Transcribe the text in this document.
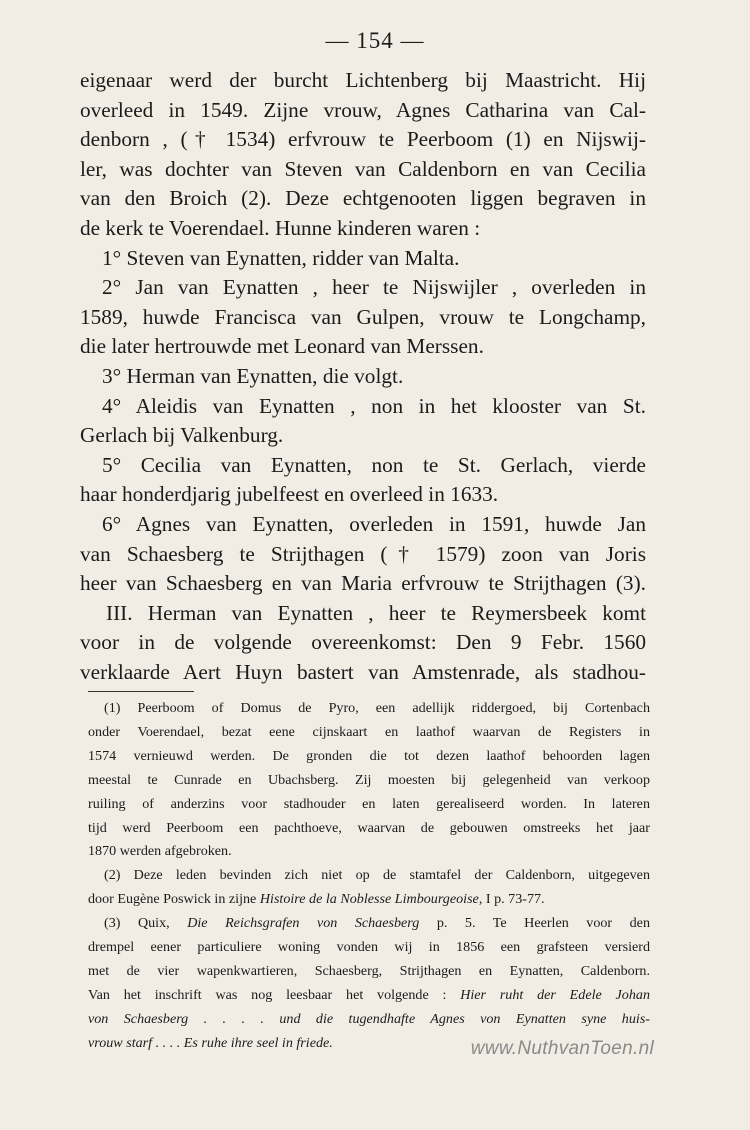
— 154 —

eigenaar werd der burcht Lichtenberg bij Maastricht. Hij

overleed in 1549. Zijne vrouw, Agnes Catharina van Cal-

denborn , († 1534) erfvrouw te Peerboom (1) en Nijswij-

ler, was dochter van Steven van Caldenborn en van Cecilia

van den Broich (2). Deze echtgenooten liggen begraven in

de kerk te Voerendael. Hunne kinderen waren :

1° Steven van Eynatten, ridder van Malta.

2° Jan van Eynatten , heer te Nijswijler , overleden in

1589, huwde Francisca van Gulpen, vrouw te Longchamp,

die later hertrouwde met Leonard van Merssen.

3° Herman van Eynatten, die volgt.

4° Aleidis van Eynatten , non in het klooster van St.

Gerlach bij Valkenburg.

5° Cecilia van Eynatten, non te St. Gerlach, vierde

haar honderdjarig jubelfeest en overleed in 1633.

6° Agnes van Eynatten, overleden in 1591, huwde Jan

van Schaesberg te Strijthagen († 1579) zoon van Joris

heer van Schaesberg en van Maria erfvrouw te Strijthagen (3).

III. Herman van Eynatten , heer te Reymersbeek komt

voor in de volgende overeenkomst: Den 9 Febr. 1560

verklaarde Aert Huyn bastert van Amstenrade, als stadhou-

(1) Peerboom of Domus de Pyro, een adellijk riddergoed, bij Cortenbach

onder Voerendael, bezat eene cijnskaart en laathof waarvan de Registers in

1574 vernieuwd werden. De gronden die tot dezen laathof behoorden lagen

meestal te Cunrade en Ubachsberg. Zij moesten bij gelegenheid van verkoop

ruiling of anderzins voor stadhouder en laten gerealiseerd worden. In lateren

tijd werd Peerboom een pachthoeve, waarvan de gebouwen omstreeks het jaar

1870 werden afgebroken.

(2) Deze leden bevinden zich niet op de stamtafel der Caldenborn, uitgegeven

door Eugène Poswick in zijne Histoire de la Noblesse Limbourgeoise, I p. 73-77.

(3) Quix, Die Reichsgrafen von Schaesberg p. 5. Te Heerlen voor den

drempel eener particuliere woning vonden wij in 1856 een grafsteen versierd

met de vier wapenkwartieren, Schaesberg, Strijthagen en Eynatten, Caldenborn.

Van het inschrift was nog leesbaar het volgende : Hier ruht der Edele Johan

von Schaesberg . . . . und die tugendhafte Agnes von Eynatten syne huis-

vrouw starf . . . . Es ruhe ihre seel in friede.	www.NuthvanToen.nl
